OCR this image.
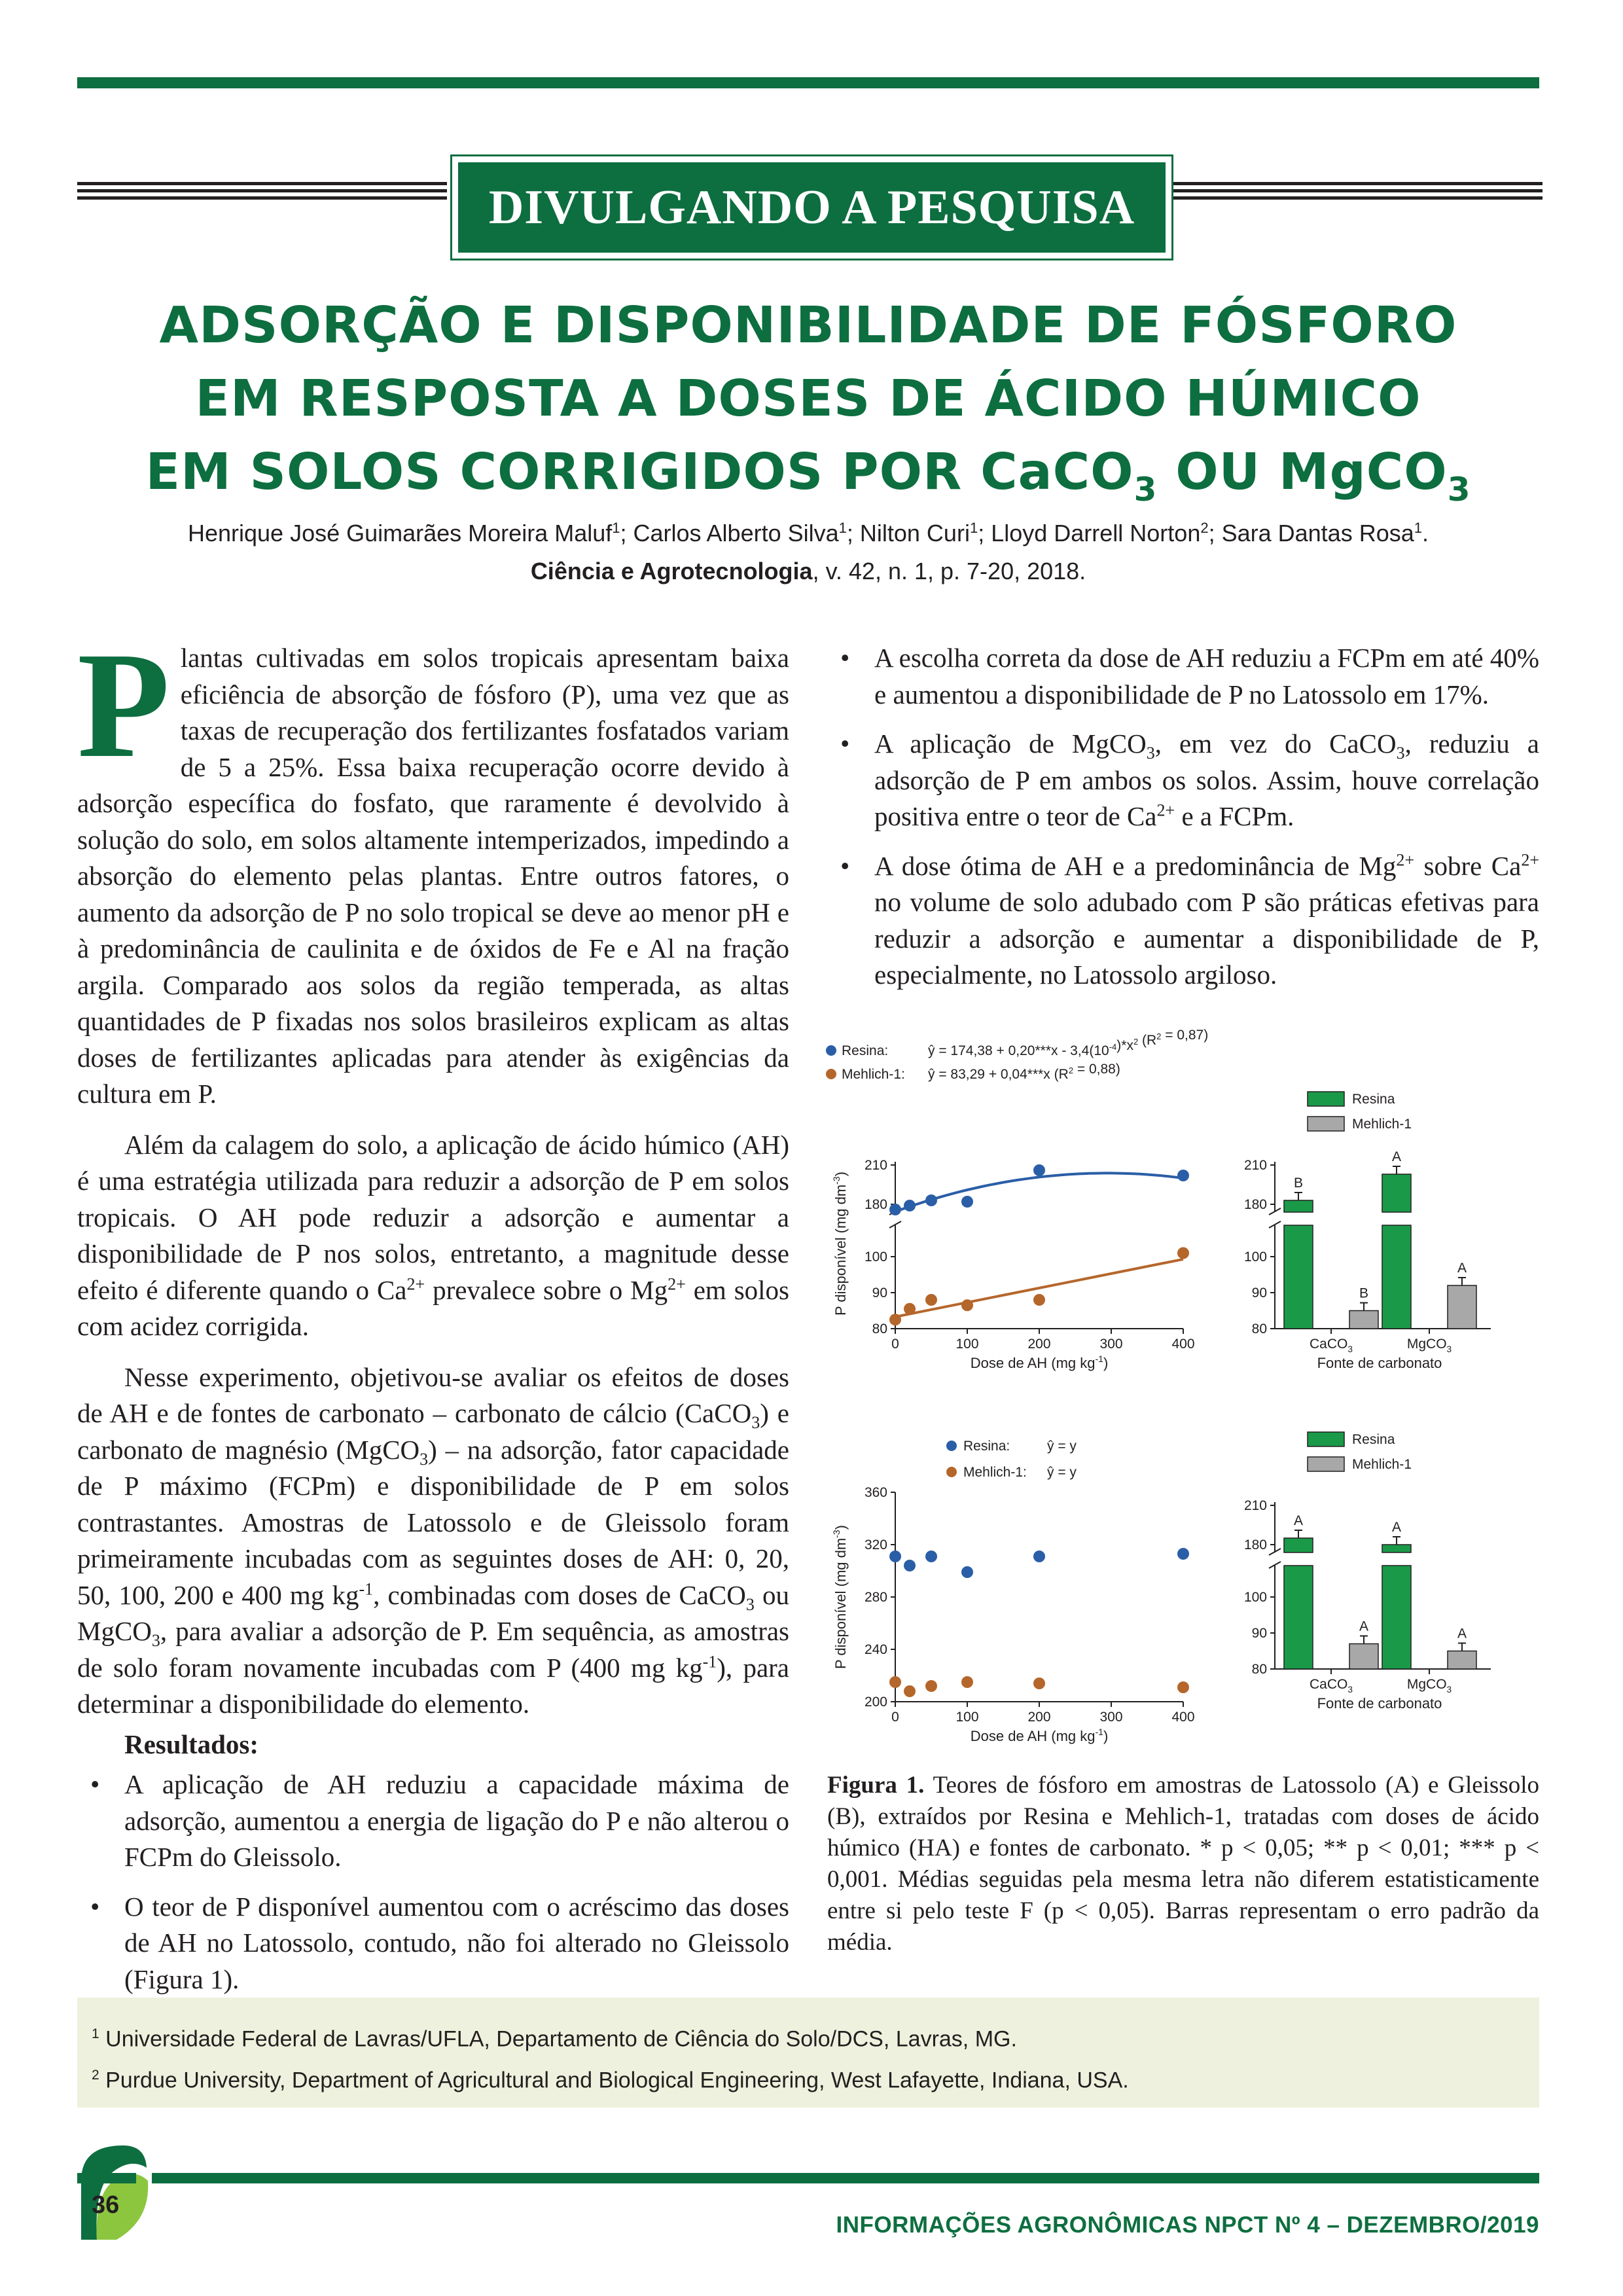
DIVULGANDO A PESQUISA
ADSORÇÃO E DISPONIBILIDADE DE FÓSFORO
EM RESPOSTA A DOSES DE ÁCIDO HÚMICO
EM SOLOS CORRIGIDOS POR CaCO$_3$ OU MgCO$_3$
Henrique José Guimarães Moreira Maluf$^1$; Carlos Alberto Silva$^1$; Nilton Curi$^1$; Lloyd Darrell Norton$^2$; Sara Dantas Rosa$^1$.
Ciência e Agrotecnologia, v. 42, n. 1, p. 7-20, 2018.

Plantas cultivadas em solos tropicais apresentam baixa eficiência de absorção de fósforo (P), uma vez que as taxas de recuperação dos fertilizantes fosfatados variam de 5 a 25%. Essa baixa recuperação ocorre devido à adsorção específica do fosfato, que raramente é devolvido à solução do solo, em solos altamente intemperizados, impedindo a absorção do elemento pelas plantas. Entre outros fatores, o aumento da adsorção de P no solo tropical se deve ao menor pH e à predominância de caulinita e de óxidos de Fe e Al na fração argila. Comparado aos solos da região temperada, as altas quantidades de P fixadas nos solos brasileiros explicam as altas doses de fertilizantes aplicadas para atender às exigências da cultura em P.

Além da calagem do solo, a aplicação de ácido húmico (AH) é uma estratégia utilizada para reduzir a adsorção de P em solos tropicais. O AH pode reduzir a adsorção e aumentar a disponibilidade de P nos solos, entretanto, a magnitude desse efeito é diferente quando o $Ca^{2+}$ prevalece sobre o $Mg^{2+}$ em solos com acidez corrigida.

Nesse experimento, objetivou-se avaliar os efeitos de doses de AH e de fontes de carbonato – carbonato de cálcio (CaCO$_3$) e carbonato de magnésio (MgCO$_3$) – na adsorção, fator capacidade de P máximo (FCPm) e disponibilidade de P em solos contrastantes. Amostras de Latossolo e de Gleissolo foram primeiramente incubadas com as seguintes doses de AH: 0, 20, 50, 100, 200 e 400 mg $kg^{-1}$, combinadas com doses de CaCO$_3$ ou MgCO$_3$, para avaliar a adsorção de P. Em sequência, as amostras de solo foram novamente incubadas com P (400 mg $kg^{-1}$), para determinar a disponibilidade do elemento.

Resultados:

• A aplicação de AH reduziu a capacidade máxima de adsorção, aumentou a energia de ligação do P e não alterou o FCPm do Gleissolo.
• O teor de P disponível aumentou com o acréscimo das doses de AH no Latossolo, contudo, não foi alterado no Gleissolo (Figura 1).
• A escolha correta da dose de AH reduziu a FCPm em até 40% e aumentou a disponibilidade de P no Latossolo em 17%.
• A aplicação de MgCO$_3$, em vez do CaCO$_3$, reduziu a adsorção de P em ambos os solos. Assim, houve correlação positiva entre o teor de $Ca^{2+}$ e a FCPm.
• A dose ótima de AH e a predominância de $Mg^{2+}$ sobre $Ca^{2+}$ no volume de solo adubado com P são práticas efetivas para reduzir a adsorção e aumentar a disponibilidade de P, especialmente, no Latossolo argiloso.
Resina:	ŷ = $174,38 + 0,20***x - 3,4(10^{-4})*x^2$ $(R^2 = 0,87)$
Mehlich-1: ŷ = 83,29 + 0,04***x $(R^2 = 0,88)$
180
210
80
90
100
0	100	200	300	400
Dose de AH (mg $kg^{-1}$)
P disponível (mg $dm^{-3}$)
Resina
Mehlich-1
180
210
80
90
100
B
B
CaCO$_3$
A
A
MgCO$_3$
Fonte de carbonato
Resina:	ŷ = y
Mehlich-1: ŷ = y
200
240
280
320
360
0	100	200	300	400
Dose de AH (mg $kg^{-1}$)
P disponível (mg $dm^{-3}$)
Resina
Mehlich-1
180
210
80
90
100
A
A
CaCO$_3$
A
A
MgCO$_3$
Fonte de carbonato
Figura 1. Teores de fósforo em amostras de Latossolo (A) e Gleissolo (B), extraídos por Resina e Mehlich-1, tratadas com doses de ácido húmico (HA) e fontes de carbonato. * p < 0,05; ** p < 0,01; *** p < 0,001. Médias seguidas pela mesma letra não diferem estatisticamente entre si pelo teste F (p < 0,05). Barras representam o erro padrão da média.
$^1$ Universidade Federal de Lavras/UFLA, Departamento de Ciência do Solo/DCS, Lavras, MG.
$^2$ Purdue University, Department of Agricultural and Biological Engineering, West Lafayette, Indiana, USA.
36
INFORMAÇÕES AGRONÔMICAS NPCT Nº 4 – DEZEMBRO/2019
